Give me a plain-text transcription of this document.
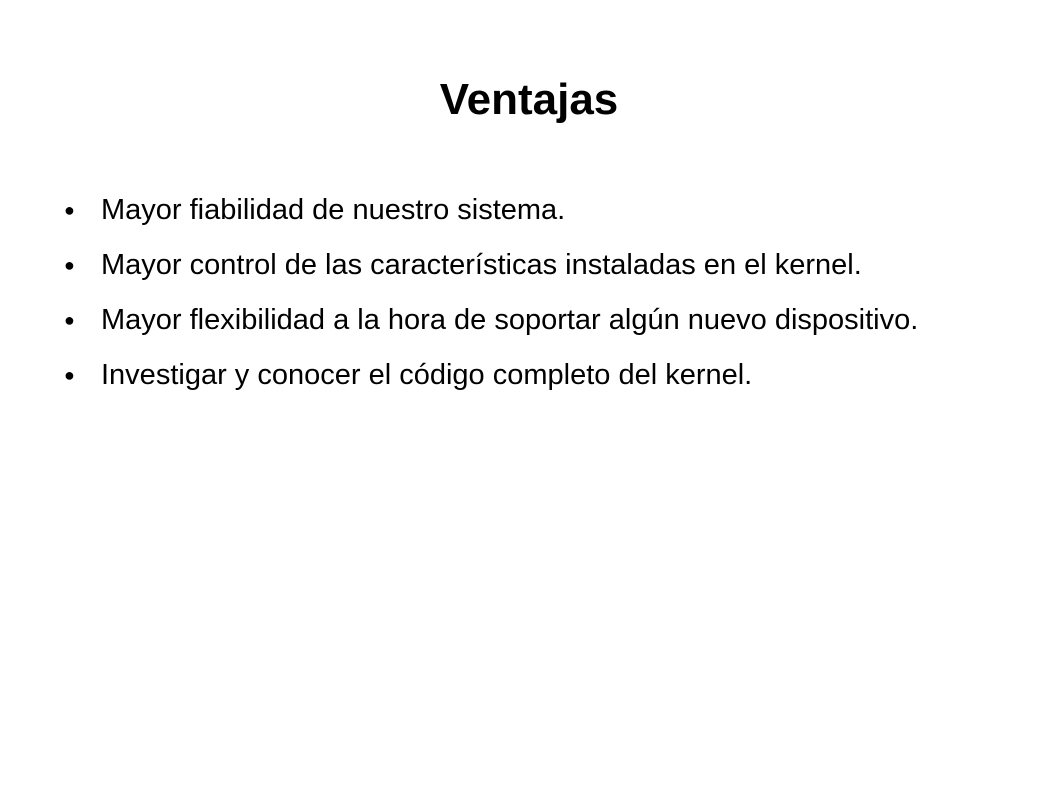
Ventajas
● Mayor fiabilidad de nuestro sistema.
● Mayor control de las características instaladas en el kernel.
● Mayor flexibilidad a la hora de soportar algún nuevo dispositivo.
● Investigar y conocer el código completo del kernel.
